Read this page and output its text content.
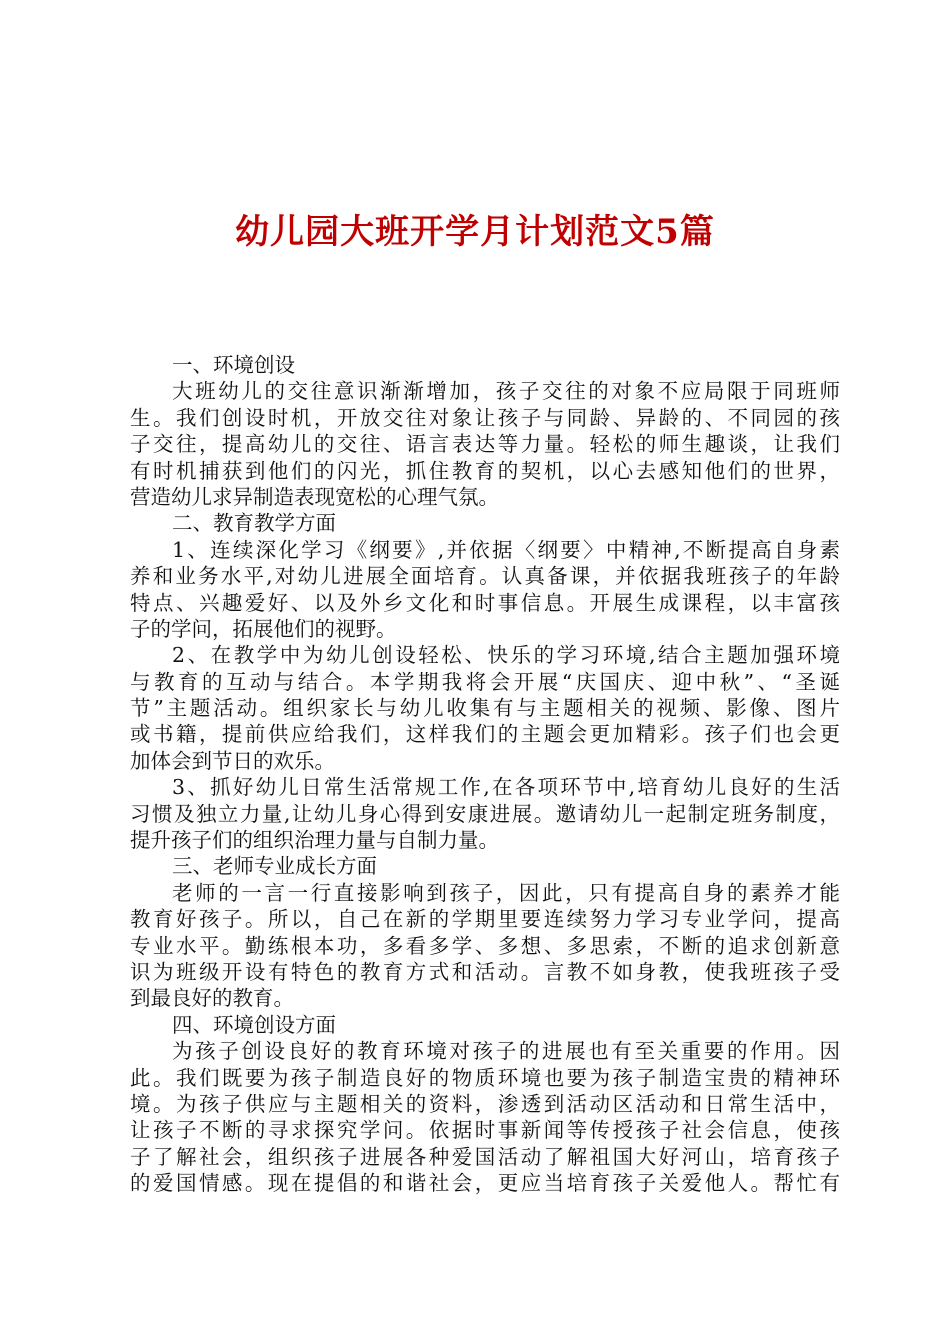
幼儿园大班开学月计划范文5篇
一、环境创设
大班幼儿的交往意识渐渐增加，孩子交往的对象不应局限于同班师
生。我们创设时机，开放交往对象让孩子与同龄、异龄的、不同园的孩
子交往，提高幼儿的交往、语言表达等力量。轻松的师生趣谈，让我们
有时机捕获到他们的闪光，抓住教育的契机，以心去感知他们的世界，
营造幼儿求异制造表现宽松的心理气氛。
二、教育教学方面
1、连续深化学习《纲要》,并依据〈纲要〉中精神,不断提高自身素
养和业务水平,对幼儿进展全面培育。认真备课，并依据我班孩子的年龄
特点、兴趣爱好、以及外乡文化和时事信息。开展生成课程，以丰富孩
子的学问，拓展他们的视野。
2、在教学中为幼儿创设轻松、快乐的学习环境,结合主题加强环境
与教育的互动与结合。本学期我将会开展“庆国庆、迎中秋”、“圣诞
节”主题活动。组织家长与幼儿收集有与主题相关的视频、影像、图片
或书籍，提前供应给我们，这样我们的主题会更加精彩。孩子们也会更
加体会到节日的欢乐。
3、抓好幼儿日常生活常规工作,在各项环节中,培育幼儿良好的生活
习惯及独立力量,让幼儿身心得到安康进展。邀请幼儿一起制定班务制度，
提升孩子们的组织治理力量与自制力量。
三、老师专业成长方面
老师的一言一行直接影响到孩子，因此，只有提高自身的素养才能
教育好孩子。所以，自己在新的学期里要连续努力学习专业学问，提高
专业水平。勤练根本功，多看多学、多想、多思索，不断的追求创新意
识为班级开设有特色的教育方式和活动。言教不如身教，使我班孩子受
到最良好的教育。
四、环境创设方面
为孩子创设良好的教育环境对孩子的进展也有至关重要的作用。因
此。我们既要为孩子制造良好的物质环境也要为孩子制造宝贵的精神环
境。为孩子供应与主题相关的资料，渗透到活动区活动和日常生活中，
让孩子不断的寻求探究学问。依据时事新闻等传授孩子社会信息，使孩
子了解社会，组织孩子进展各种爱国活动了解祖国大好河山，培育孩子
的爱国情感。现在提倡的和谐社会，更应当培育孩子关爱他人。帮忙有
